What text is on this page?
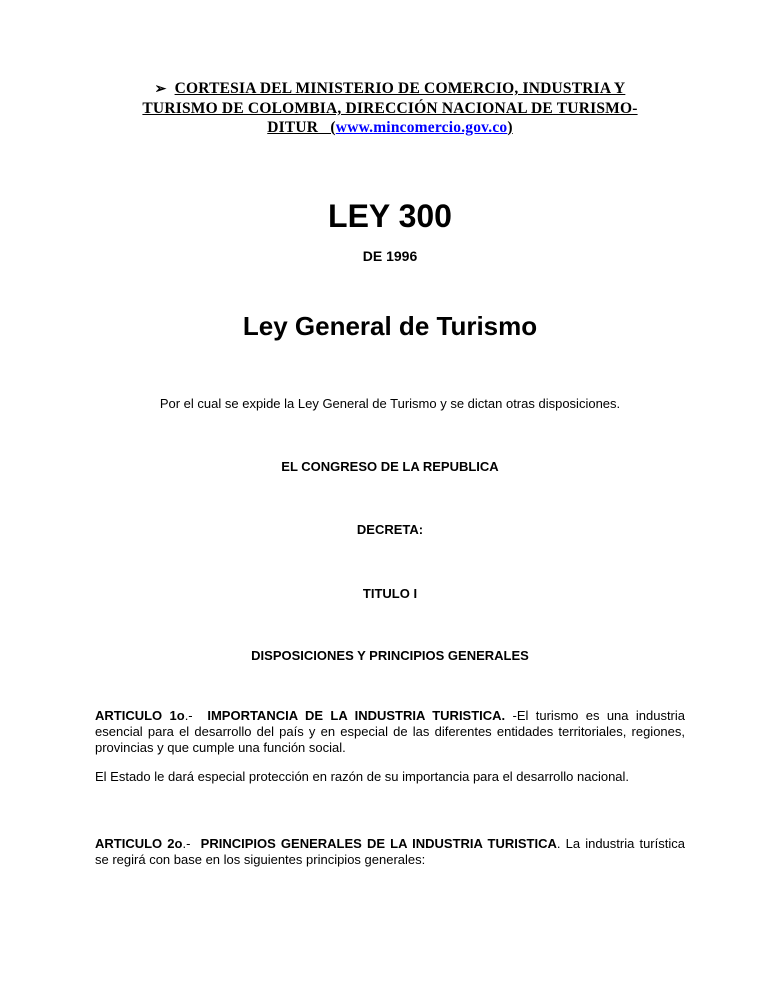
➢ CORTESIA DEL MINISTERIO DE COMERCIO, INDUSTRIA Y
TURISMO DE COLOMBIA, DIRECCIÓN NACIONAL DE TURISMO-
DITUR   (www.mincomercio.gov.co)

LEY 300

DE 1996

Ley General de Turismo

Por el cual se expide la Ley General de Turismo y se dictan otras disposiciones.

EL CONGRESO DE LA REPUBLICA

DECRETA:

TITULO I

DISPOSICIONES Y PRINCIPIOS GENERALES

ARTICULO 1o.-  IMPORTANCIA DE LA INDUSTRIA TURISTICA. -El turismo es una industria esencial para el desarrollo del país y en especial de las diferentes entidades territoriales, regiones, provincias y que cumple una función social.

El Estado le dará especial protección en razón de su importancia para el desarrollo nacional.

ARTICULO 2o.-  PRINCIPIOS GENERALES DE LA INDUSTRIA TURISTICA. La industria turística se regirá con base en los siguientes principios generales:
